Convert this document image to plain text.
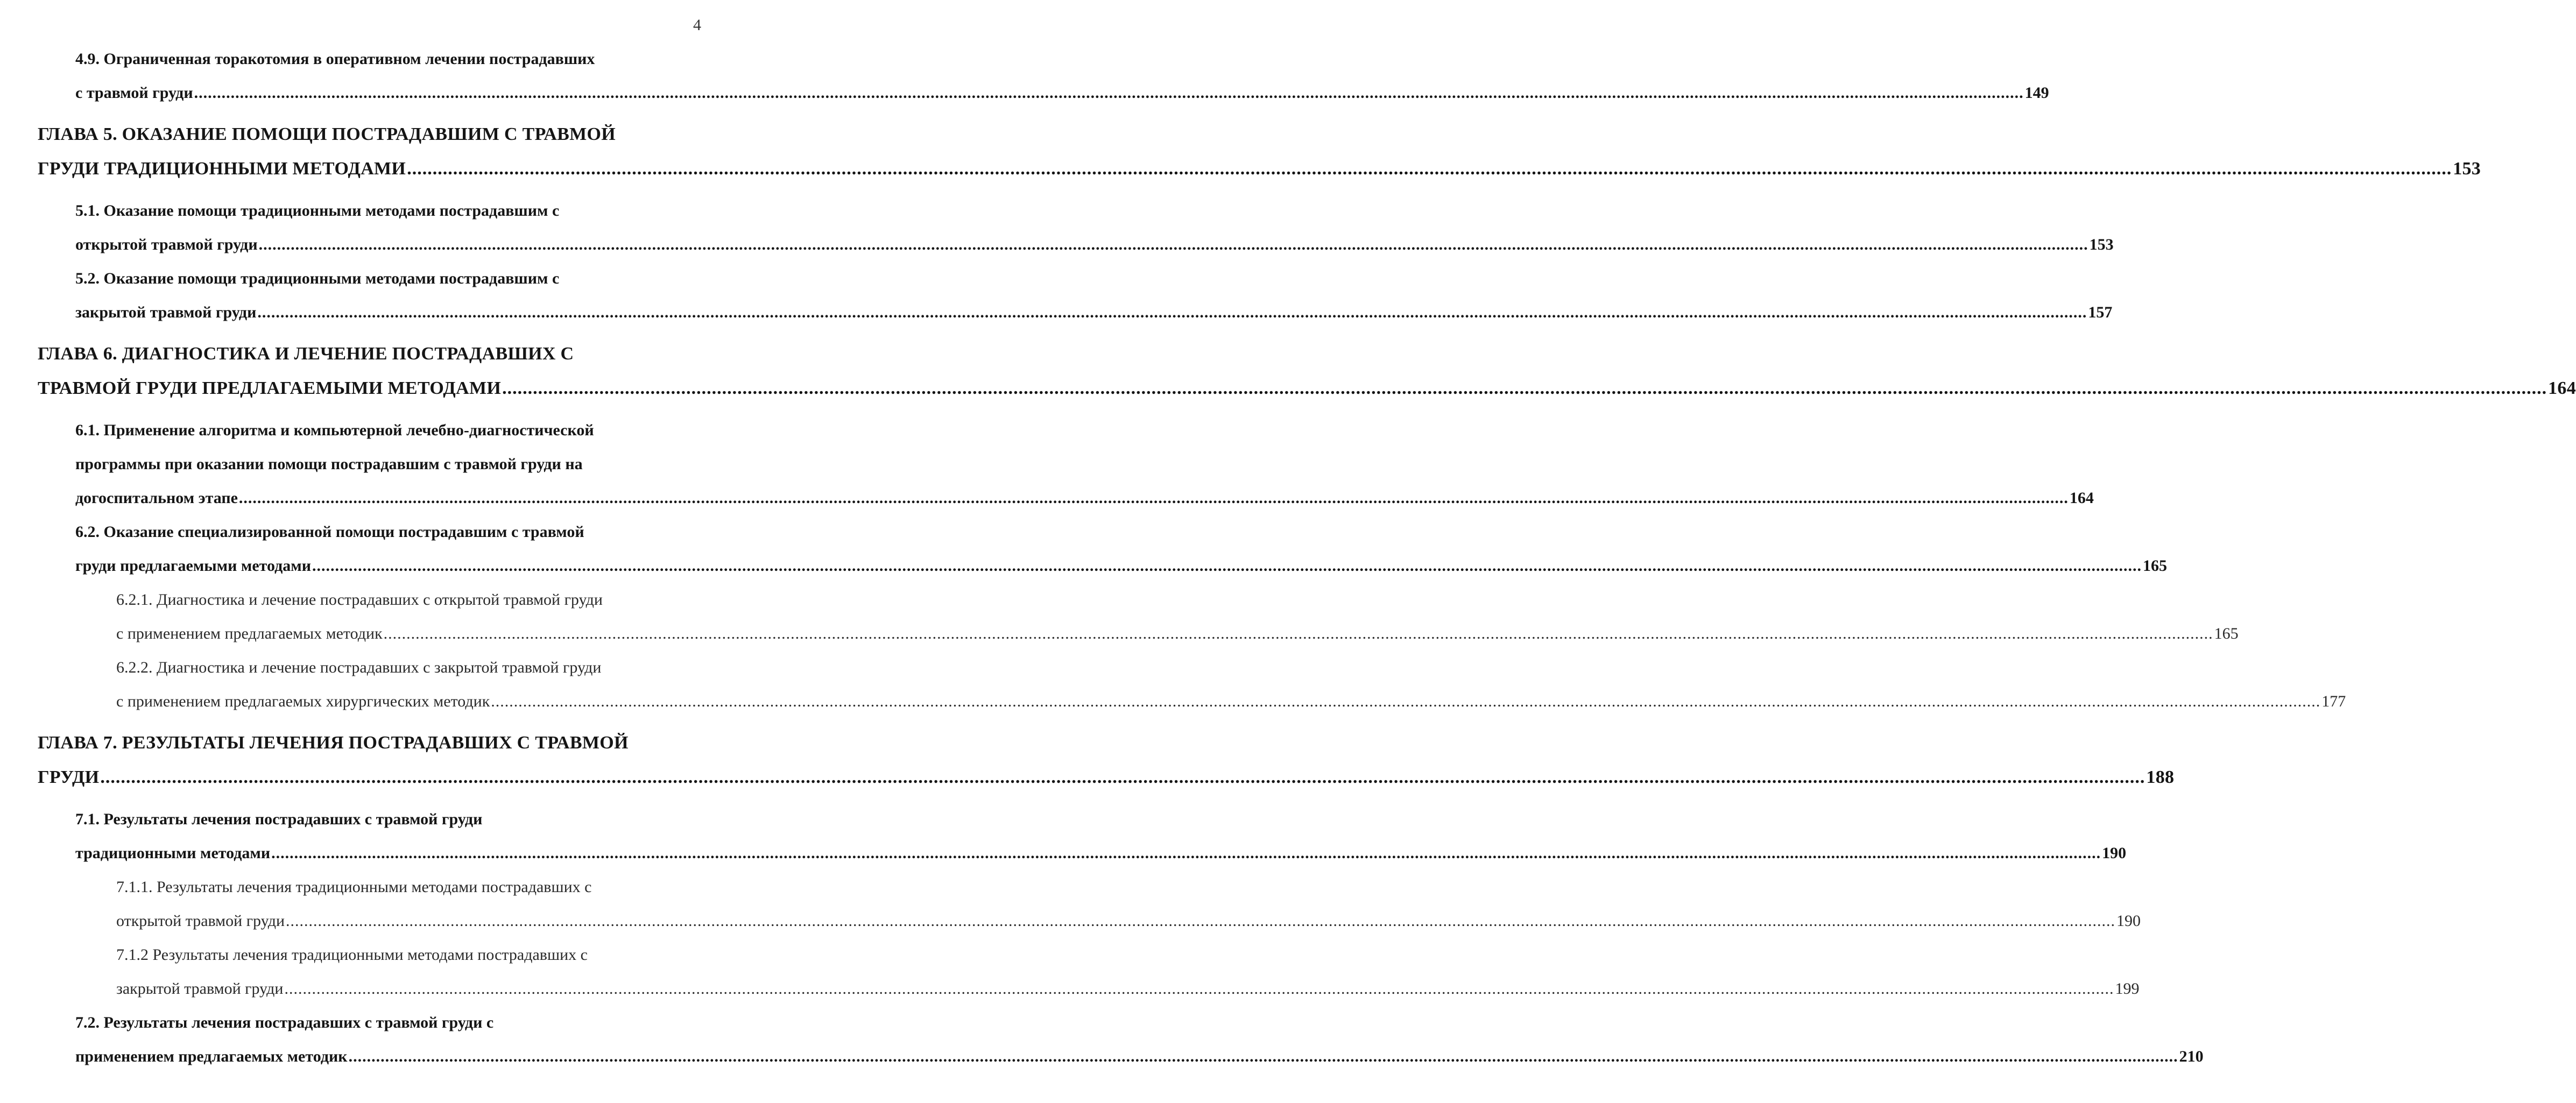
4
4.9. Ограниченная торакотомия в оперативном лечении пострадавших
с травмой груди ................................................................................................................................................................................................................................................................................................................................................................................................................ 149
ГЛАВА 5. ОКАЗАНИЕ ПОМОЩИ ПОСТРАДАВШИМ С ТРАВМОЙ
ГРУДИ ТРАДИЦИОННЫМИ МЕТОДАМИ ................................................................................................................................................................................................................................................................................................................................................................................................................ 153
5.1. Оказание помощи традиционными методами пострадавшим с
открытой травмой груди ................................................................................................................................................................................................................................................................................................................................................................................................................ 153
5.2. Оказание помощи традиционными методами пострадавшим с
закрытой травмой груди ................................................................................................................................................................................................................................................................................................................................................................................................................ 157
ГЛАВА 6. ДИАГНОСТИКА И ЛЕЧЕНИЕ ПОСТРАДАВШИХ С
ТРАВМОЙ ГРУДИ ПРЕДЛАГАЕМЫМИ МЕТОДАМИ ................................................................................................................................................................................................................................................................................................................................................................................................................ 164
6.1. Применение алгоритма и компьютерной лечебно-диагностической
программы при оказании помощи пострадавшим с травмой груди на
догоспитальном этапе ................................................................................................................................................................................................................................................................................................................................................................................................................ 164
6.2. Оказание специализированной помощи пострадавшим с травмой
груди предлагаемыми методами ................................................................................................................................................................................................................................................................................................................................................................................................................ 165
6.2.1. Диагностика и лечение пострадавших с открытой травмой груди
с применением предлагаемых методик ................................................................................................................................................................................................................................................................................................................................................................................................................ 165
6.2.2. Диагностика и лечение пострадавших с закрытой травмой груди
с применением предлагаемых хирургических методик ................................................................................................................................................................................................................................................................................................................................................................................................................ 177
ГЛАВА 7. РЕЗУЛЬТАТЫ ЛЕЧЕНИЯ ПОСТРАДАВШИХ С ТРАВМОЙ
ГРУДИ ................................................................................................................................................................................................................................................................................................................................................................................................................ 188
7.1. Результаты лечения пострадавших с травмой груди
традиционными методами ................................................................................................................................................................................................................................................................................................................................................................................................................ 190
7.1.1. Результаты лечения традиционными методами пострадавших с
открытой травмой груди ................................................................................................................................................................................................................................................................................................................................................................................................................ 190
7.1.2 Результаты лечения традиционными методами пострадавших с
закрытой травмой груди ................................................................................................................................................................................................................................................................................................................................................................................................................ 199
7.2. Результаты лечения пострадавших с травмой груди с
применением предлагаемых методик ................................................................................................................................................................................................................................................................................................................................................................................................................ 210
